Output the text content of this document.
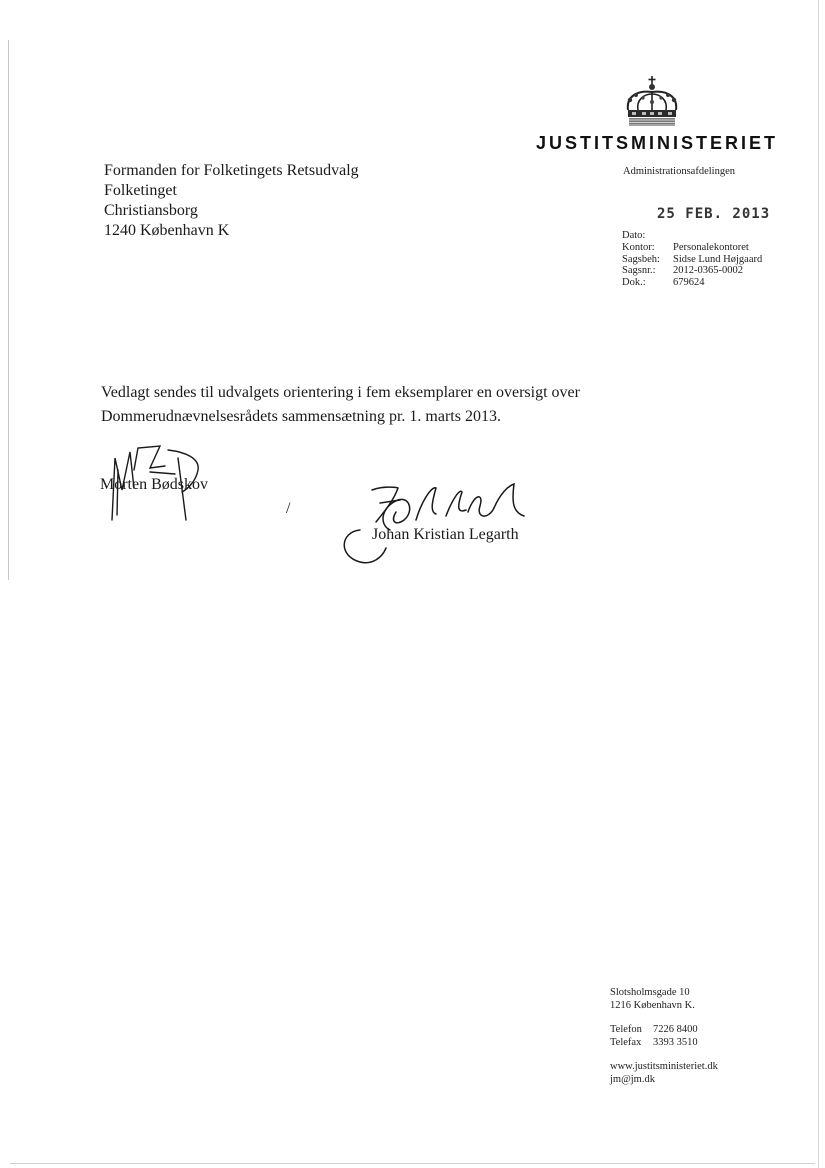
JUSTITSMINISTERIET
Administrationsafdelingen
Formanden for Folketingets Retsudvalg
Folketinget
Christiansborg
1240 København K
25 FEB. 2013
Dato:
Kontor:	Personalekontoret
Sagsbeh:	Sidse Lund Højgaard
Sagsnr.:	2012-0365-0002
Dok.:	679624
Vedlagt sendes til udvalgets orientering i fem eksemplarer en oversigt over
Dommerudnævnelsesrådets sammensætning pr. 1. marts 2013.
Morten Bødskov
/
Johan Kristian Legarth
Slotsholmsgade 10
1216 København K.
Telefon	7226 8400
Telefax	3393 3510
www.justitsministeriet.dk
jm@jm.dk
